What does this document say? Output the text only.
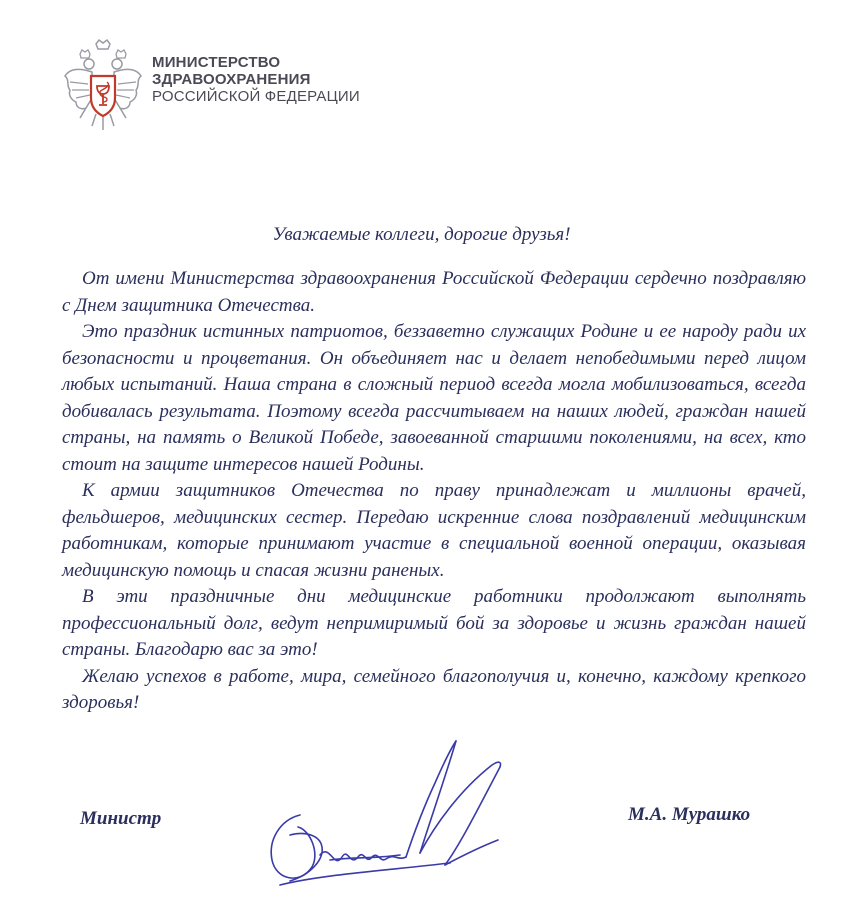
МИНИСТЕРСТВО
ЗДРАВООХРАНЕНИЯ
РОССИЙСКОЙ ФЕДЕРАЦИИ
Уважаемые коллеги, дорогие друзья!

От имени Министерства здравоохранения Российской Федерации сердечно поздравляю с Днем защитника Отечества.

Это праздник истинных патриотов, беззаветно служащих Родине и ее народу ради их безопасности и процветания. Он объединяет нас и делает непобедимыми перед лицом любых испытаний. Наша страна в сложный период всегда могла мобилизоваться, всегда добивалась результата. Поэтому всегда рассчитываем на наших людей, граждан нашей страны, на память о Великой Победе, завоеванной старшими поколениями, на всех, кто стоит на защите интересов нашей Родины.

К армии защитников Отечества по праву принадлежат и миллионы врачей, фельдшеров, медицинских сестер. Передаю искренние слова поздравлений медицинским работникам, которые принимают участие в специальной военной операции, оказывая медицинскую помощь и спасая жизни раненых.

В эти праздничные дни медицинские работники продолжают выполнять профессиональный долг, ведут непримиримый бой за здоровье и жизнь граждан нашей страны. Благодарю вас за это!

Желаю успехов в работе, мира, семейного благополучия и, конечно, каждому крепкого здоровья!

Министр	М.А. Мурашко
